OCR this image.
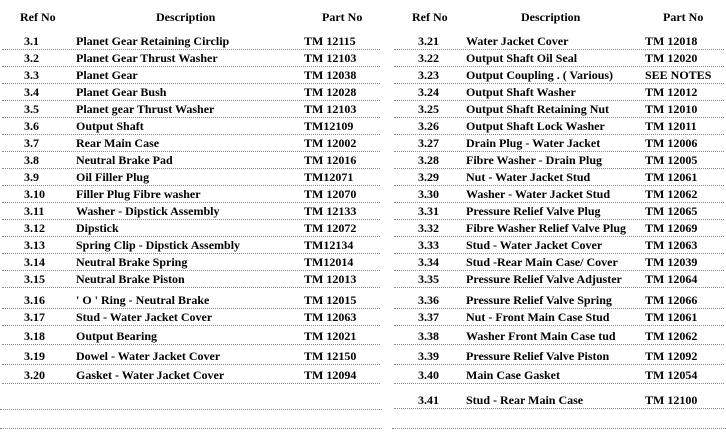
Ref No	Description	Part No
3.1	Planet Gear Retaining Circlip	TM 12115
3.2	Planet Gear Thrust Washer	TM 12103
3.3	Planet Gear	TM 12038
3.4	Planet Gear Bush	TM 12028
3.5	Planet gear Thrust Washer	TM 12103
3.6	Output Shaft	TM12109
3.7	Rear Main Case	TM 12002
3.8	Neutral Brake Pad	TM 12016
3.9	Oil Filler Plug	TM12071
3.10	Filler Plug Fibre washer	TM 12070
3.11	Washer - Dipstick Assembly	TM 12133
3.12	Dipstick	TM 12072
3.13	Spring Clip - Dipstick Assembly	TM12134
3.14	Neutral Brake Spring	TM12014
3.15	Neutral Brake Piston	TM 12013
3.16	' O ' Ring - Neutral Brake	TM 12015
3.17	Stud - Water Jacket Cover	TM 12063
3.18	Output Bearing	TM 12021
3.19	Dowel - Water Jacket Cover	TM 12150
3.20	Gasket - Water Jacket Cover	TM 12094
Ref No	Description	Part No
3.21 Water Jacket Cover	TM 12018
3.22 Output Shaft Oil Seal	TM 12020
3.23 Output Coupling . ( Various)	SEE NOTES
3.24 Output Shaft Washer	TM 12012
3.25 Output Shaft Retaining Nut	TM 12010
3.26 Output Shaft Lock Washer	TM 12011
3.27 Drain Plug - Water Jacket	TM 12006
3.28 Fibre Washer - Drain Plug	TM 12005
3.29 Nut - Water Jacket Stud	TM 12061
3.30 Washer - Water Jacket Stud	TM 12062
3.31 Pressure Relief Valve Plug	TM 12065
3.32 Fibre Washer Relief Valve Plug TM 12069
3.33 Stud - Water Jacket Cover	TM 12063
3.34 Stud -Rear Main Case/ Cover TM 12039
3.35 Pressure Relief Valve Adjuster TM 12064
3.36 Pressure Relief Valve Spring	TM 12066
3.37 Nut - Front Main Case Stud	TM 12061
3.38 Washer Front Main Case tud TM 12062
3.39 Pressure Relief Valve Piston	TM 12092
3.40 Main Case Gasket	TM 12054
3.41 Stud - Rear Main Case	TM 12100
